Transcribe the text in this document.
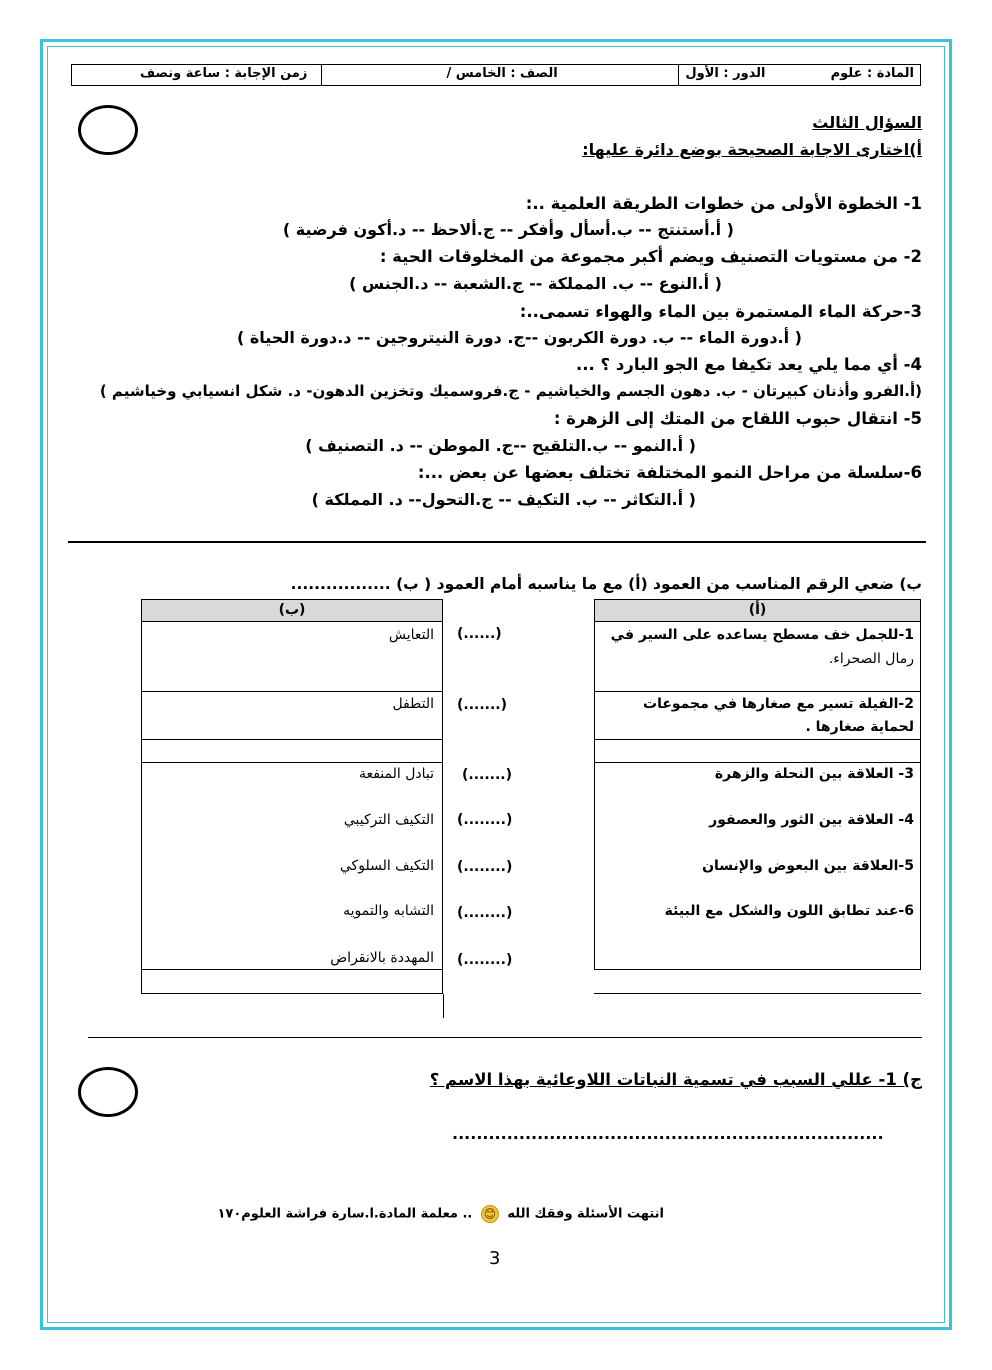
المادة : علوم  الدور : الأول
الصف : الخامس /
زمن الإجابة : ساعة ونصف
السؤال الثالث
أ)اختارى الاجابة الصحيحة بوضع دائرة عليها:
1- الخطوة الأولى من خطوات الطريقة العلمية ..:
( أ.أستنتج -- ب.أسأل وأفكر -- ج.ألاحظ -- د.أكون فرضية )
2- من مستويات التصنيف ويضم أكبر مجموعة من المخلوقات الحية :
( أ.النوع -- ب. المملكة -- ج.الشعبة -- د.الجنس )
3-حركة الماء المستمرة بين الماء والهواء تسمى..:
( أ.دورة الماء -- ب. دورة الكربون --ج. دورة النيتروجين -- د.دورة الحياة )
4- أي مما يلي يعد تكيفا مع الجو البارد ؟ ...
(أ.الفرو وأذنان كبيرتان - ب. دهون الجسم والخياشيم - ج.فروسميك وتخزين الدهون- د. شكل انسيابي وخياشيم )
5- انتقال حبوب اللقاح من المتك إلى الزهرة :
( أ.النمو -- ب.التلقيح --ج. الموطن -- د. التصنيف )
6-سلسلة من مراحل النمو المختلفة تختلف بعضها عن بعض ...:
( أ.التكاثر -- ب. التكيف -- ج.التحول-- د. المملكة )
ب) ضعي الرقم المناسب من العمود (أ) مع ما يناسبه أمام العمود ( ب) .................
(أ)
(ب)
1-للجمل خف مسطح يساعده على السير في
رمال الصحراء.
2-الفيلة تسير مع صغارها في مجموعات
لحماية صغارها .
3- العلاقة بين النحلة والزهرة
4- العلاقة بين الثور والعصفور
5-العلاقة بين البعوض والإنسان
6-عند تطابق اللون والشكل مع البيئة
(......)
(.......)
(.......)
(........)
(........)
(........)
(........)
التعايش
التطفل
تبادل المنفعة
التكيف التركيبي
التكيف السلوكي
التشابه والتمويه
المهددة بالانقراض
ج) 1- عللي السبب في تسمية النباتات اللاوعائية بهذا الاسم ؟
.......................................................................
انتهت الأسئلة وفقك الله 😊 .. معلمة المادة.ا.سارة فراشة العلوم١٧٠
3
